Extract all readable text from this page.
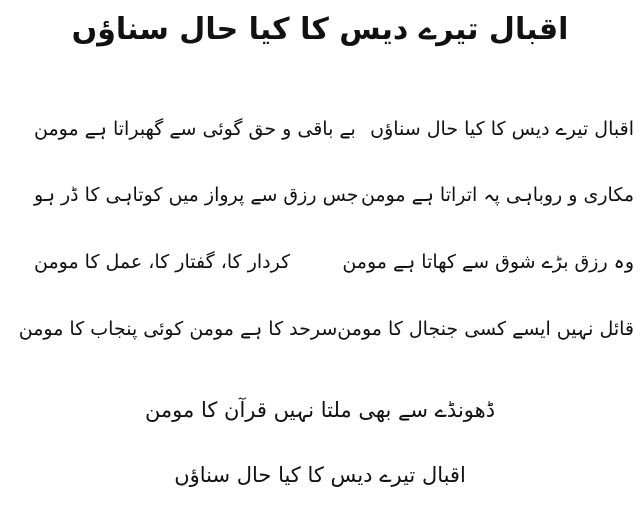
اقبال تیرے دیس کا کیا حال سناؤں
اقبال تیرے دیس کا کیا حال سناؤں
بے باقی و حق گوئی سے گھبراتا ہے مومن
مکاری و روباہی پہ اتراتا ہے مومن
جس رزق سے پرواز میں کوتاہی کا ڈر ہو
وہ رزق بڑے شوق سے کھاتا ہے مومن
کردار کا، گفتار کا، عمل کا مومن
قائل نہیں ایسے کسی جنجال کا مومن
سرحد کا ہے مومن کوئی پنجاب کا مومن
ڈھونڈے سے بھی ملتا نہیں قرآن کا مومن
اقبال تیرے دیس کا کیا حال سناؤں
